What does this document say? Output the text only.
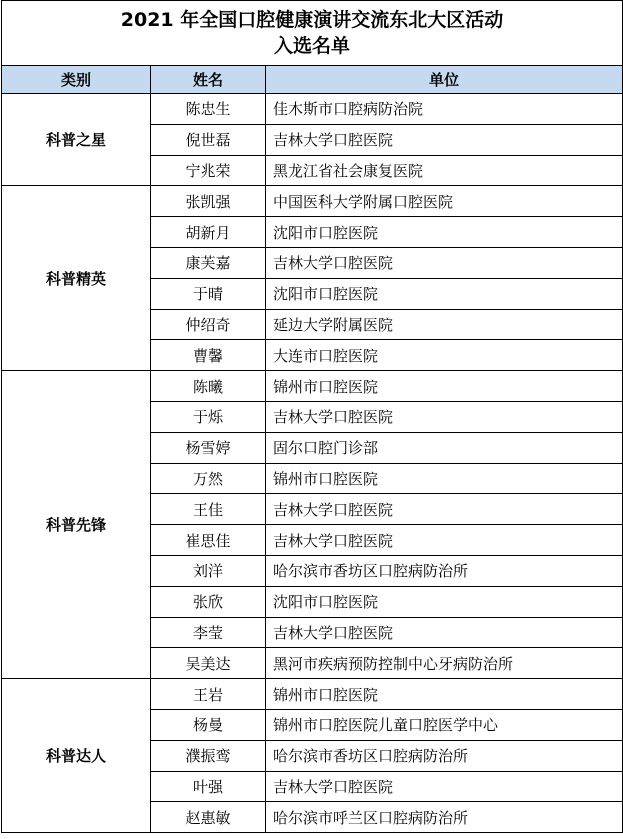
2021 年全国口腔健康演讲交流东北大区活动
入选名单		

类别	姓名	单位
科普之星	陈忠生	佳木斯市口腔病防治院
	倪世磊	吉林大学口腔医院
	宁兆荣	黑龙江省社会康复医院
科普精英	张凯强	中国医科大学附属口腔医院
	胡新月	沈阳市口腔医院
	康芙嘉	吉林大学口腔医院
	于晴	沈阳市口腔医院
	仲绍奇	延边大学附属医院
	曹馨	大连市口腔医院
科普先锋	陈曦	锦州市口腔医院
	于烁	吉林大学口腔医院
	杨雪婷	固尔口腔门诊部
	万然	锦州市口腔医院
	王佳	吉林大学口腔医院
	崔思佳	吉林大学口腔医院
	刘洋	哈尔滨市香坊区口腔病防治所
	张欣	沈阳市口腔医院
	李莹	吉林大学口腔医院
	吴美达	黑河市疾病预防控制中心牙病防治所
科普达人	王岩	锦州市口腔医院
	杨曼	锦州市口腔医院儿童口腔医学中心
	濮振鸾	哈尔滨市香坊区口腔病防治所
	叶强	吉林大学口腔医院
	赵惠敏	哈尔滨市呼兰区口腔病防治所
